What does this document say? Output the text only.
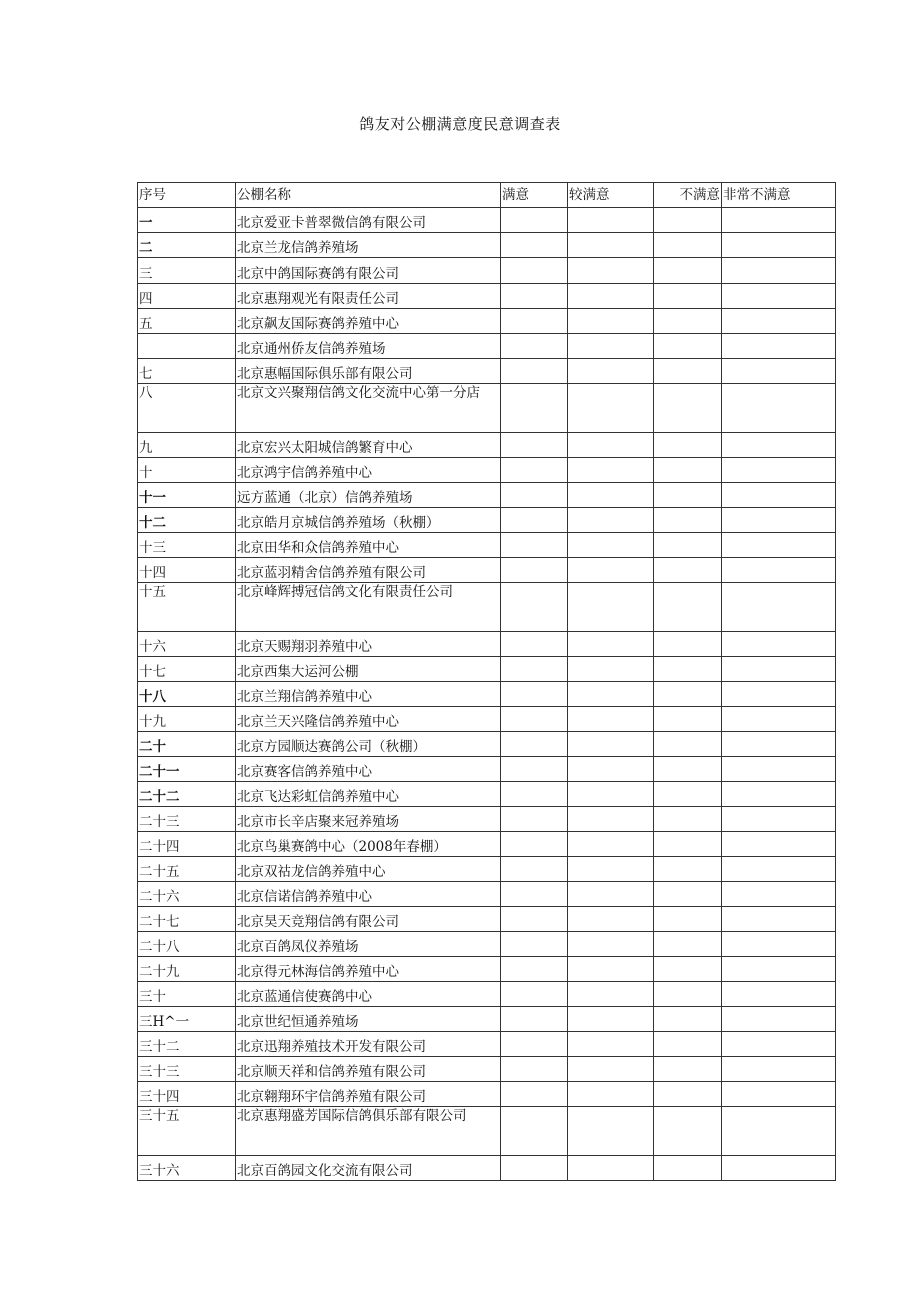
鸽友对公棚满意度民意调查表
序号	公棚名称	满意	较满意	不满意	非常不满意
一	北京爱亚卡普翠微信鸽有限公司				
二	北京兰龙信鸽养殖场				
三	北京中鸽国际赛鸽有限公司				
四	北京惠翔观光有限责任公司				
五	北京飙友国际赛鸽养殖中心				
	北京通州侨友信鸽养殖场				
七	北京惠幅国际俱乐部有限公司				
八	北京文兴聚翔信鸽文化交流中心第一分店				
九	北京宏兴太阳城信鸽繁育中心				
十	北京鸿宇信鸽养殖中心				
十一	远方蓝通（北京）信鸽养殖场				
十二	北京皓月京城信鸽养殖场（秋棚）				
十三	北京田华和众信鸽养殖中心				
十四	北京蓝羽精舍信鸽养殖有限公司				
十五	北京峰辉搏冠信鸽文化有限责任公司				
十六	北京天赐翔羽养殖中心				
十七	北京西集大运河公棚				
十八	北京兰翔信鸽养殖中心				
十九	北京兰天兴隆信鸽养殖中心				
二十	北京方园顺达赛鸽公司（秋棚）				
二十一	北京赛客信鸽养殖中心				
二十二	北京飞达彩虹信鸽养殖中心				
二十三	北京市长辛店聚来冠养殖场				
二十四	北京鸟巢赛鸽中心（2008年春棚）				
二十五	北京双祜龙信鸽养殖中心				
二十六	北京信诺信鸽养殖中心				
二十七	北京昊天竞翔信鸽有限公司				
二十八	北京百鸽凤仪养殖场				
二十九	北京得元林海信鸽养殖中心				
三十	北京蓝通信使赛鸽中心				
三H^一	北京世纪恒通养殖场				
三十二	北京迅翔养殖技术开发有限公司				
三十三	北京顺天祥和信鸽养殖有限公司				
三十四	北京翱翔环宇信鸽养殖有限公司				
三十五	北京惠翔盛芳国际信鸽俱乐部有限公司				
三十六	北京百鸽园文化交流有限公司				
